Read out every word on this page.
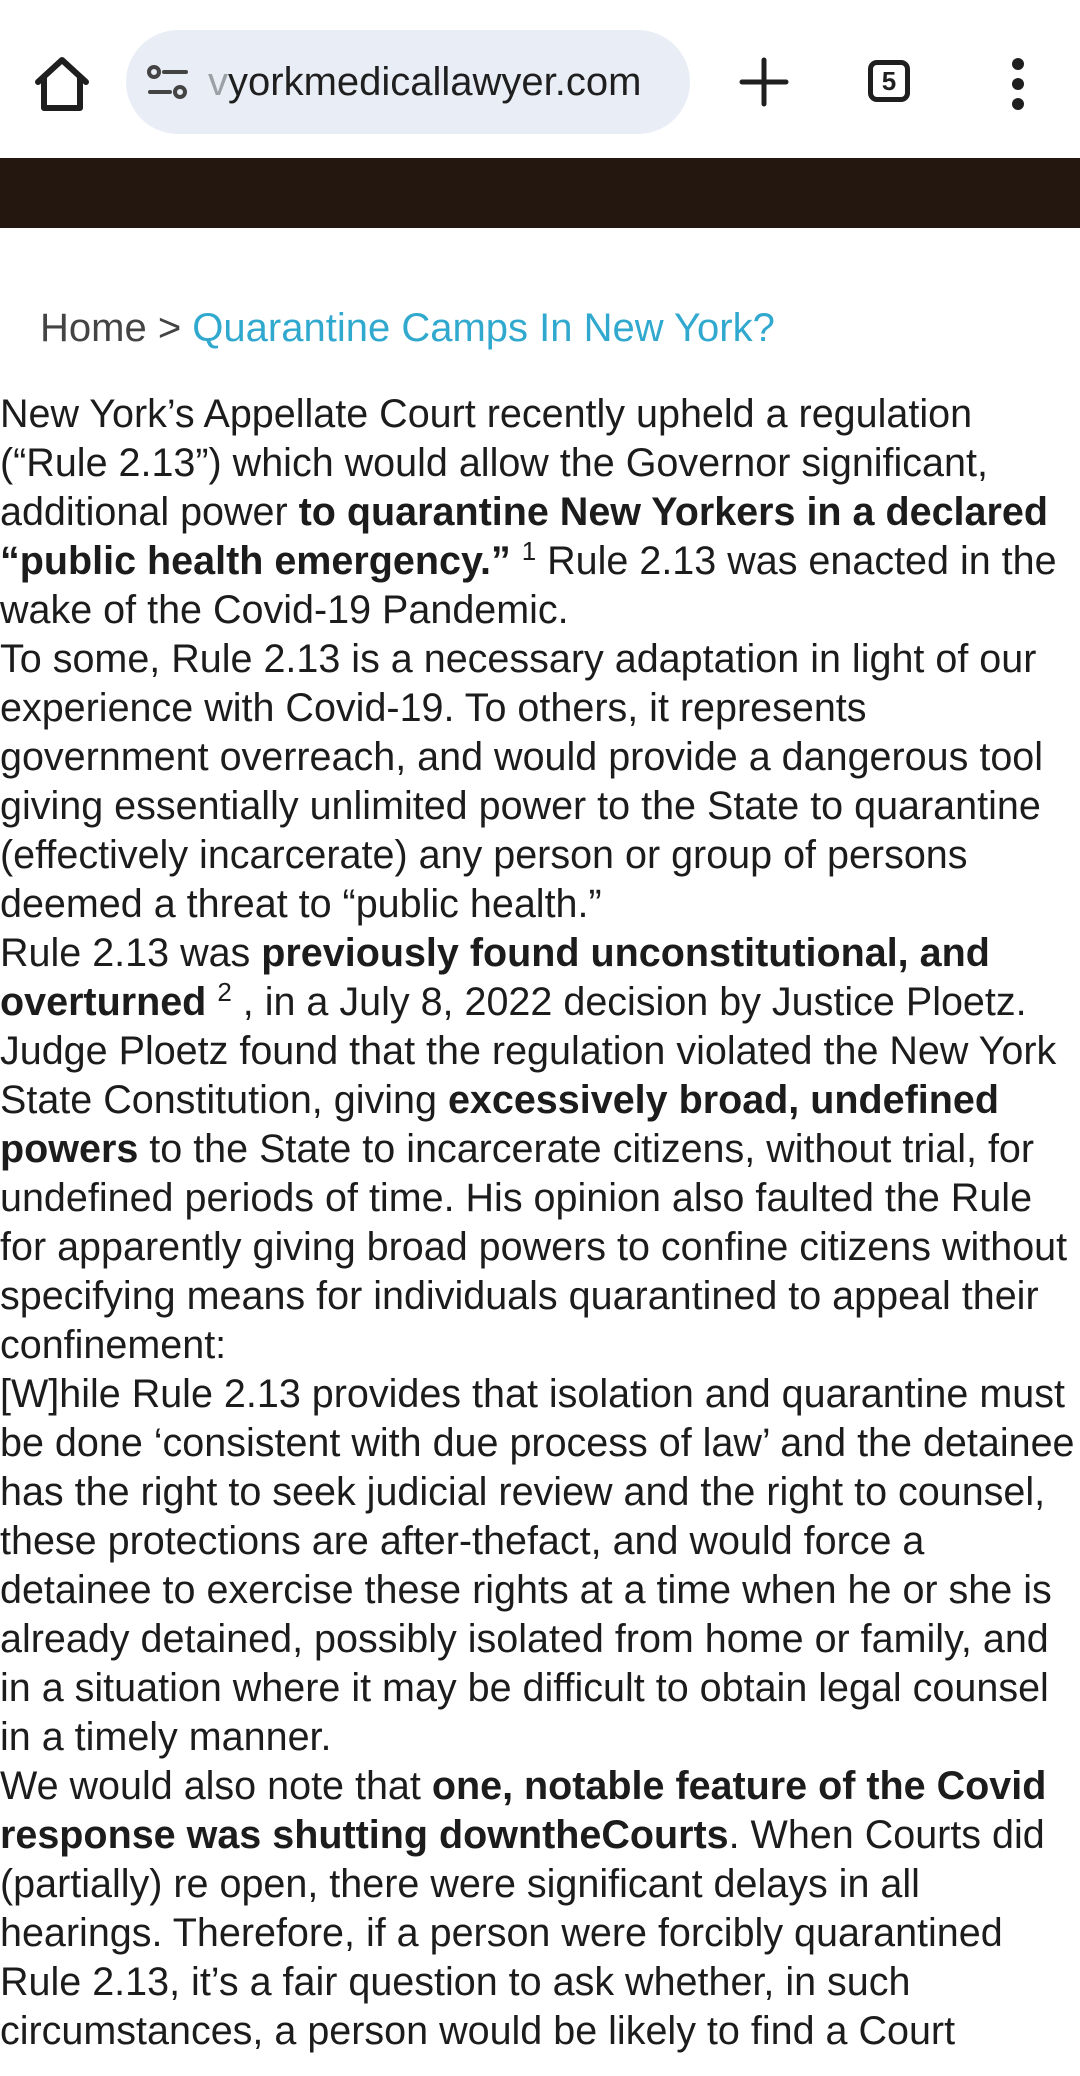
vyorkmedicallawyer.com	5
Home > Quarantine Camps In New York?

New York’s Appellate Court recently upheld a regulation (“Rule 2.13”) which would allow the Governor significant, additional power to quarantine New Yorkers in a declared “public health emergency.” $^1$ Rule 2.13 was enacted in the wake of the Covid-19 Pandemic.

To some, Rule 2.13 is a necessary adaptation in light of our experience with Covid-19. To others, it represents government overreach, and would provide a dangerous tool giving essentially unlimited power to the State to quarantine (effectively incarcerate) any person or group of persons deemed a threat to “public health.”

Rule 2.13 was previously found unconstitutional, and overturned $^2$ , in a July 8, 2022 decision by Justice Ploetz. Judge Ploetz found that the regulation violated the New York State Constitution, giving excessively broad, undefined powers to the State to incarcerate citizens, without trial, for undefined periods of time. His opinion also faulted the Rule for apparently giving broad powers to confine citizens without specifying means for individuals quarantined to appeal their confinement:

[W]hile Rule 2.13 provides that isolation and quarantine must be done ‘consistent with due process of law’ and the detainee has the right to seek judicial review and the right to counsel, these protections are after-thefact, and would force a detainee to exercise these rights at a time when he or she is already detained, possibly isolated from home or family, and in a situation where it may be difficult to obtain legal counsel in a timely manner.

We would also note that one, notable feature of the Covid response was shutting downtheCourts. When Courts did (partially) re open, there were significant delays in all hearings. Therefore, if a person were forcibly quarantined Rule 2.13, it’s a fair question to ask whether, in such circumstances, a person would be likely to find a Court
